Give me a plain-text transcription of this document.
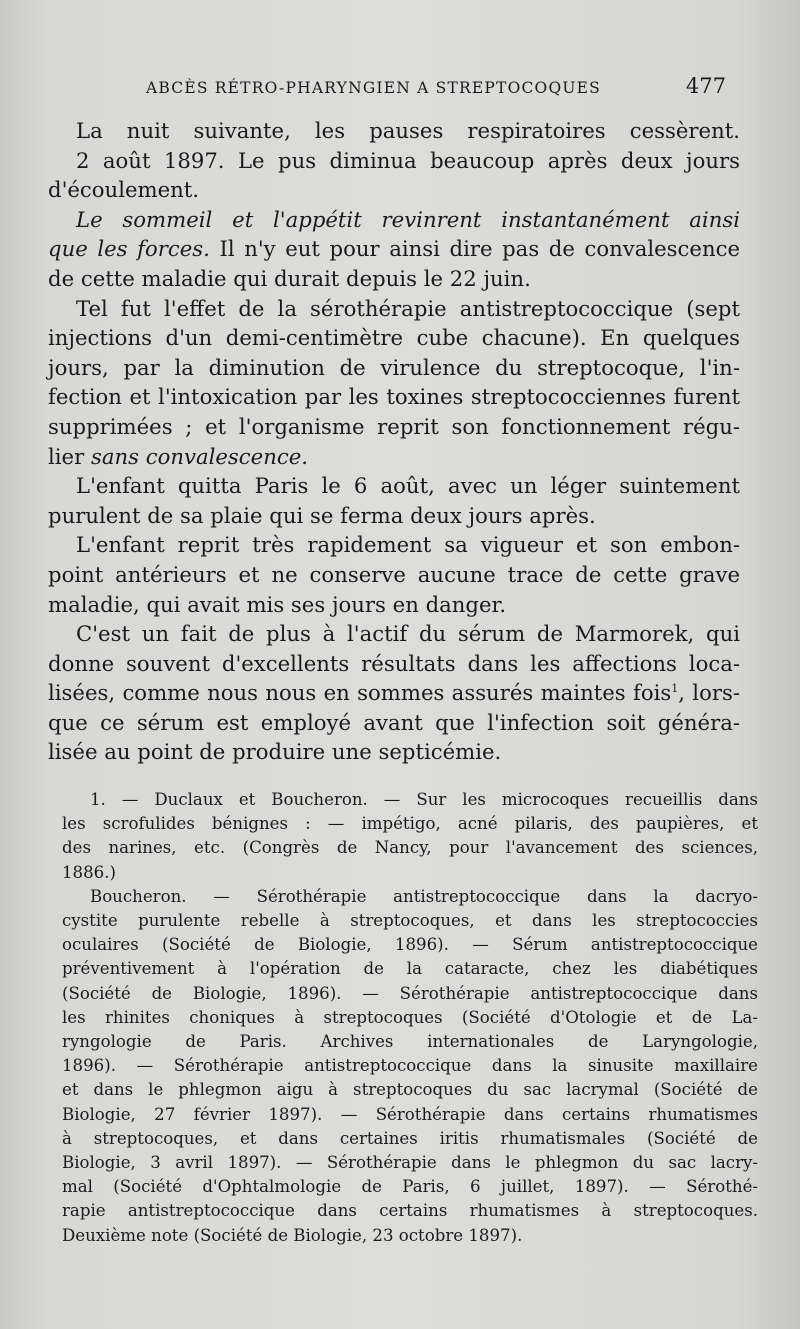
ABCÈS RÉTRO-PHARYNGIEN A STREPTOCOQUES	477
La nuit suivante, les pauses respiratoires cessèrent.
2 août 1897. Le pus diminua beaucoup après deux jours
d'écoulement.
Le sommeil et l'appétit revinrent instantanément ainsi
que les forces. Il n'y eut pour ainsi dire pas de convalescence
de cette maladie qui durait depuis le 22 juin.
Tel fut l'effet de la sérothérapie antistreptococcique (sept
injections d'un demi-centimètre cube chacune). En quelques
jours, par la diminution de virulence du streptocoque, l'in-
fection et l'intoxication par les toxines streptococciennes furent
supprimées ; et l'organisme reprit son fonctionnement régu-
lier sans convalescence.
L'enfant quitta Paris le 6 août, avec un léger suintement
purulent de sa plaie qui se ferma deux jours après.
L'enfant reprit très rapidement sa vigueur et son embon-
point antérieurs et ne conserve aucune trace de cette grave
maladie, qui avait mis ses jours en danger.
C'est un fait de plus à l'actif du sérum de Marmorek, qui
donne souvent d'excellents résultats dans les affections loca-
lisées, comme nous nous en sommes assurés maintes fois$^1$, lors-
que ce sérum est employé avant que l'infection soit généra-
lisée au point de produire une septicémie.
1. — Duclaux et Boucheron. — Sur les microcoques recueillis dans
les scrofulides bénignes : — impétigo, acné pilaris, des paupières, et
des narines, etc. (Congrès de Nancy, pour l'avancement des sciences,
1886.)
Boucheron. — Sérothérapie antistreptococcique dans la dacryo-
cystite purulente rebelle à streptocoques, et dans les streptococcies
oculaires (Société de Biologie, 1896). — Sérum antistreptococcique
préventivement à l'opération de la cataracte, chez les diabétiques
(Société de Biologie, 1896). — Sérothérapie antistreptococcique dans
les rhinites choniques à streptocoques (Société d'Otologie et de La-
ryngologie de Paris. Archives internationales de Laryngologie,
1896). — Sérothérapie antistreptococcique dans la sinusite maxillaire
et dans le phlegmon aigu à streptocoques du sac lacrymal (Société de
Biologie, 27 février 1897). — Sérothérapie dans certains rhumatismes
à streptocoques, et dans certaines iritis rhumatismales (Société de
Biologie, 3 avril 1897). — Sérothérapie dans le phlegmon du sac lacry-
mal (Société d'Ophtalmologie de Paris, 6 juillet, 1897). — Sérothé-
rapie antistreptococcique dans certains rhumatismes à streptocoques.
Deuxième note (Société de Biologie, 23 octobre 1897).
